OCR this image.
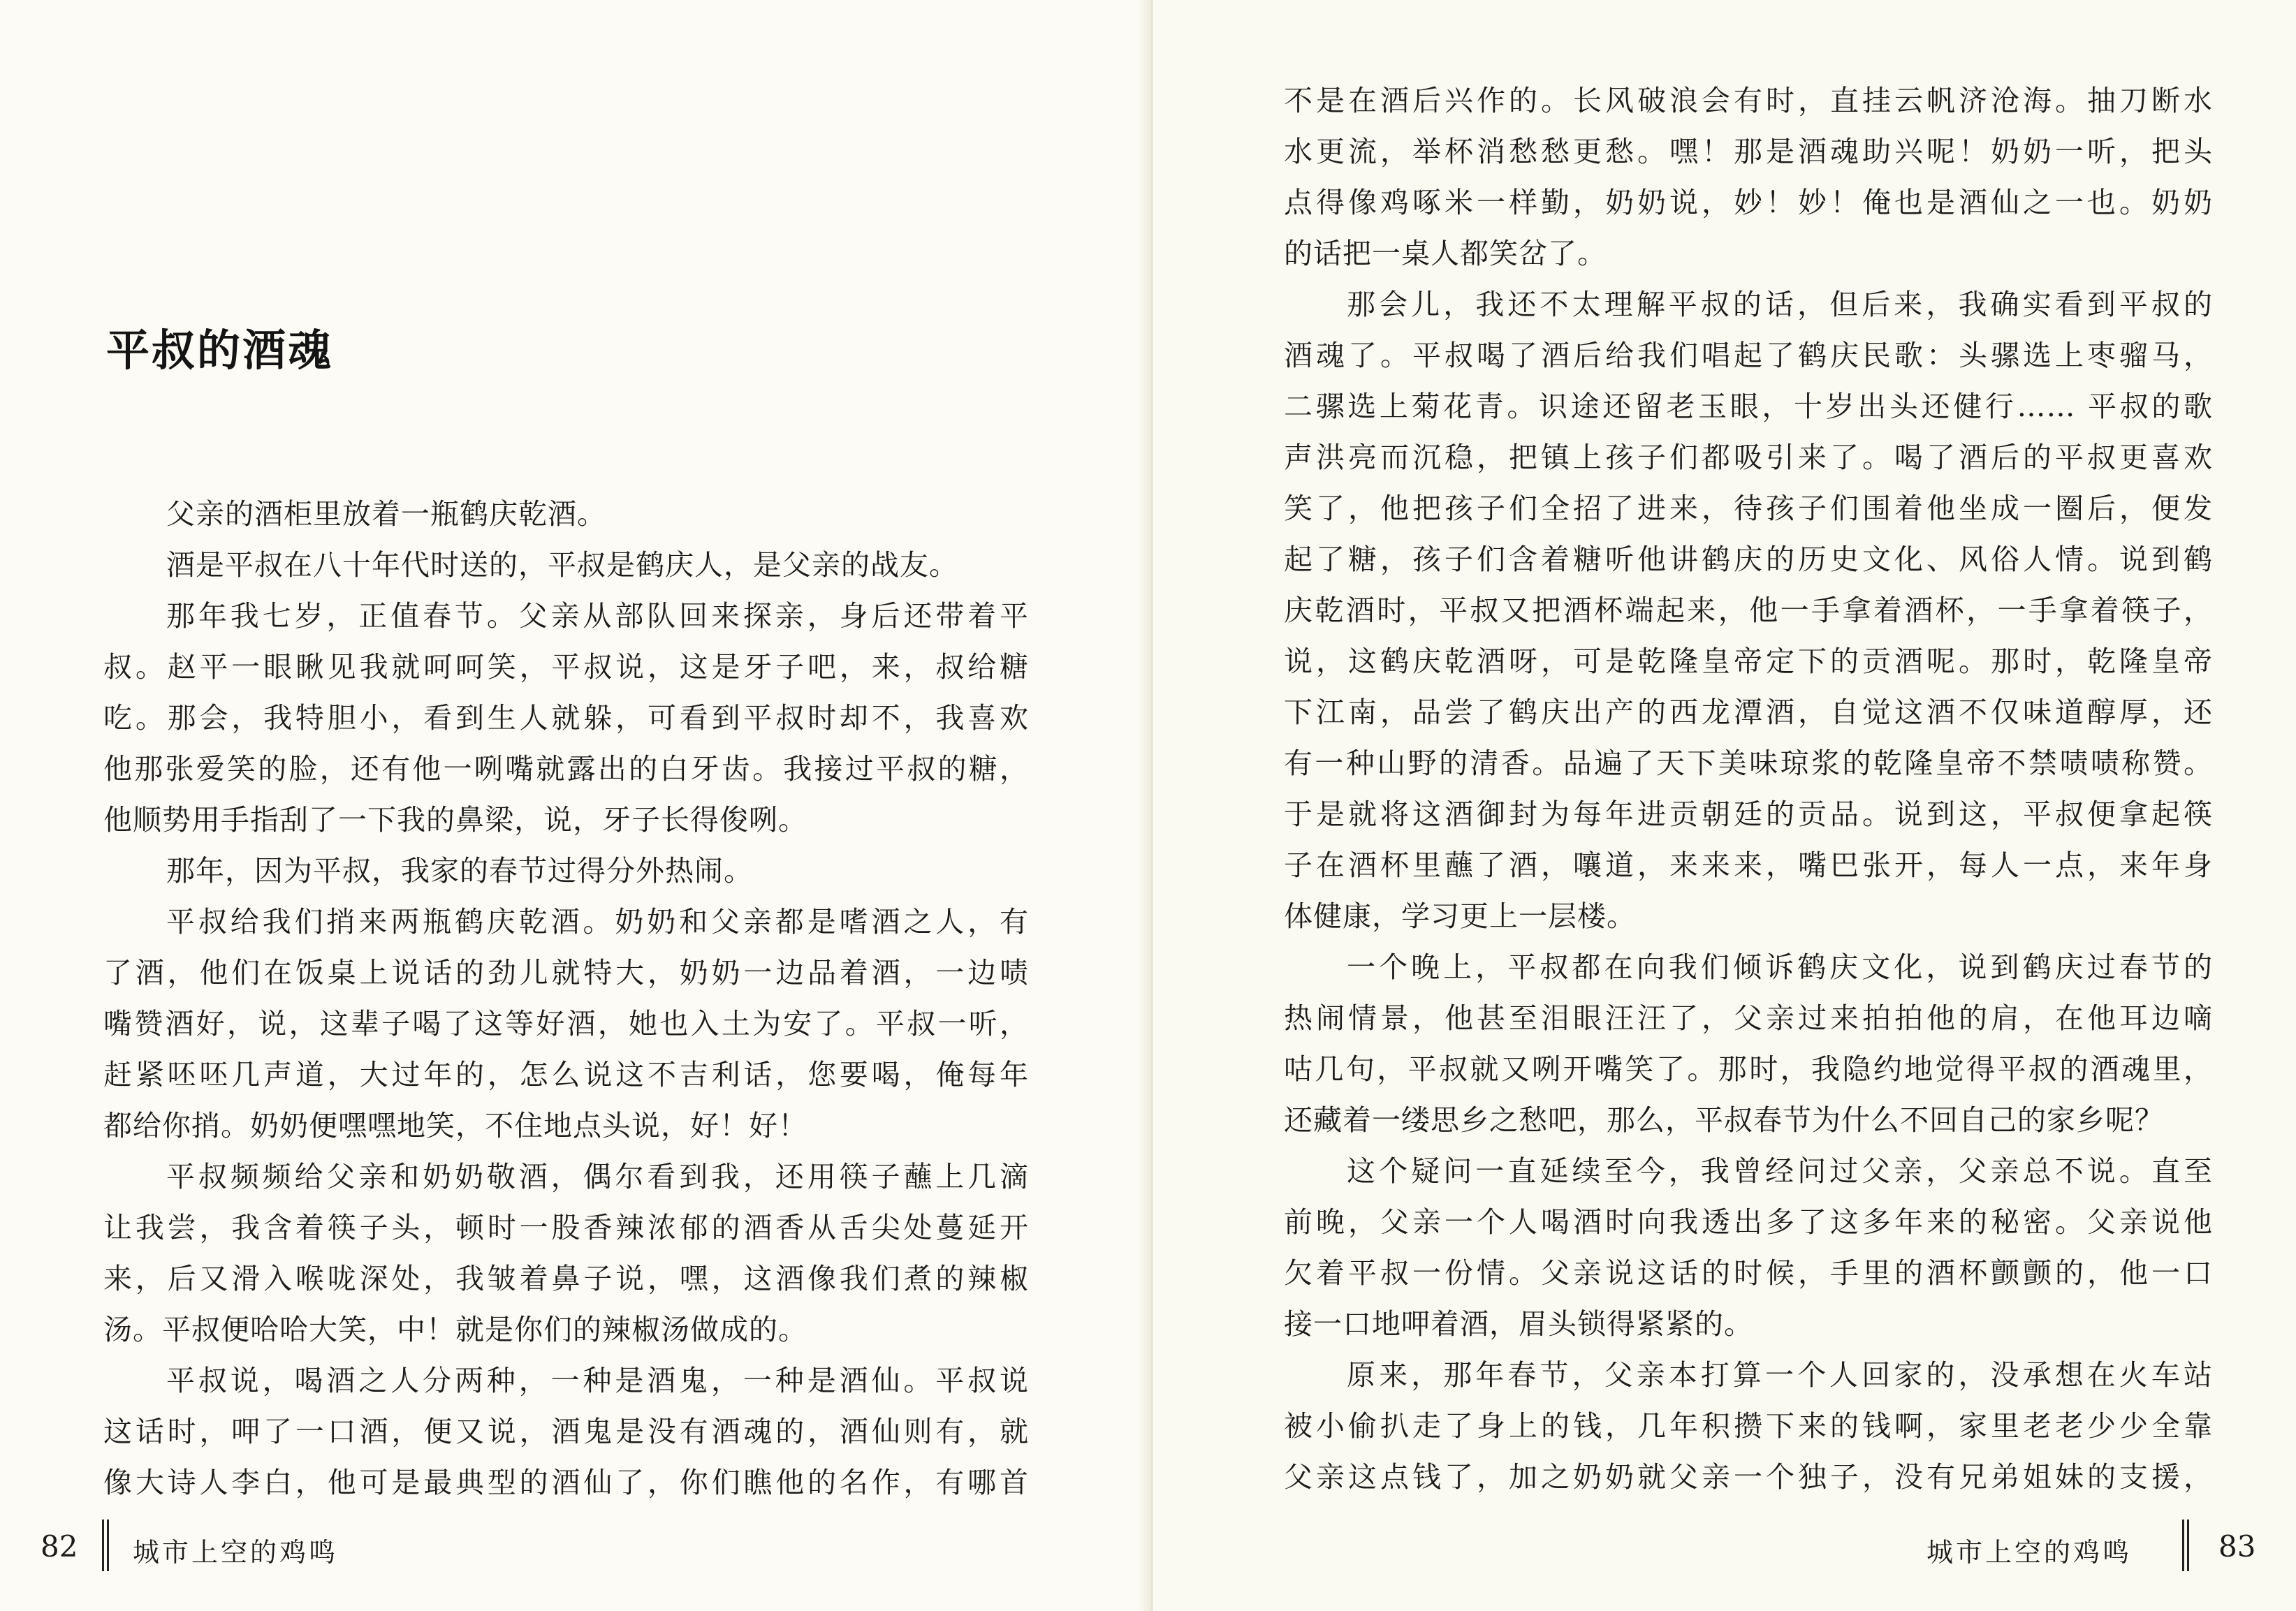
平叔的酒魂
父亲的酒柜里放着一瓶鹤庆乾酒。
酒是平叔在八十年代时送的，平叔是鹤庆人，是父亲的战友。
那年我七岁，正值春节。父亲从部队回来探亲，身后还带着平
叔。赵平一眼瞅见我就呵呵笑，平叔说，这是牙子吧，来，叔给糖
吃。那会，我特胆小，看到生人就躲，可看到平叔时却不，我喜欢
他那张爱笑的脸，还有他一咧嘴就露出的白牙齿。我接过平叔的糖，
他顺势用手指刮了一下我的鼻梁，说，牙子长得俊咧。
那年，因为平叔，我家的春节过得分外热闹。
平叔给我们捎来两瓶鹤庆乾酒。奶奶和父亲都是嗜酒之人，有
了酒，他们在饭桌上说话的劲儿就特大，奶奶一边品着酒，一边啧
嘴赞酒好，说，这辈子喝了这等好酒，她也入土为安了。平叔一听，
赶紧呸呸几声道，大过年的，怎么说这不吉利话，您要喝，俺每年
都给你捎。奶奶便嘿嘿地笑，不住地点头说，好！好！
平叔频频给父亲和奶奶敬酒，偶尔看到我，还用筷子蘸上几滴
让我尝，我含着筷子头，顿时一股香辣浓郁的酒香从舌尖处蔓延开
来，后又滑入喉咙深处，我皱着鼻子说，嘿，这酒像我们煮的辣椒
汤。平叔便哈哈大笑，中！就是你们的辣椒汤做成的。
平叔说，喝酒之人分两种，一种是酒鬼，一种是酒仙。平叔说
这话时，呷了一口酒，便又说，酒鬼是没有酒魂的，酒仙则有，就
像大诗人李白，他可是最典型的酒仙了，你们瞧他的名作，有哪首
82 城市上空的鸡鸣
不是在酒后兴作的。长风破浪会有时，直挂云帆济沧海。抽刀断水
水更流，举杯消愁愁更愁。嘿！那是酒魂助兴呢！奶奶一听，把头
点得像鸡啄米一样勤，奶奶说，妙！妙！俺也是酒仙之一也。奶奶
的话把一桌人都笑岔了。
那会儿，我还不太理解平叔的话，但后来，我确实看到平叔的
酒魂了。平叔喝了酒后给我们唱起了鹤庆民歌：头骡选上枣骝马，
二骡选上菊花青。识途还留老玉眼，十岁出头还健行…… 平叔的歌
声洪亮而沉稳，把镇上孩子们都吸引来了。喝了酒后的平叔更喜欢
笑了，他把孩子们全招了进来，待孩子们围着他坐成一圈后，便发
起了糖，孩子们含着糖听他讲鹤庆的历史文化、风俗人情。说到鹤
庆乾酒时，平叔又把酒杯端起来，他一手拿着酒杯，一手拿着筷子，
说，这鹤庆乾酒呀，可是乾隆皇帝定下的贡酒呢。那时，乾隆皇帝
下江南，品尝了鹤庆出产的西龙潭酒，自觉这酒不仅味道醇厚，还
有一种山野的清香。品遍了天下美味琼浆的乾隆皇帝不禁啧啧称赞。
于是就将这酒御封为每年进贡朝廷的贡品。说到这，平叔便拿起筷
子在酒杯里蘸了酒，嚷道，来来来，嘴巴张开，每人一点，来年身
体健康，学习更上一层楼。
一个晚上，平叔都在向我们倾诉鹤庆文化，说到鹤庆过春节的
热闹情景，他甚至泪眼汪汪了，父亲过来拍拍他的肩，在他耳边嘀
咕几句，平叔就又咧开嘴笑了。那时，我隐约地觉得平叔的酒魂里，
还藏着一缕思乡之愁吧，那么，平叔春节为什么不回自己的家乡呢？
这个疑问一直延续至今，我曾经问过父亲，父亲总不说。直至
前晚，父亲一个人喝酒时向我透出多了这多年来的秘密。父亲说他
欠着平叔一份情。父亲说这话的时候，手里的酒杯颤颤的，他一口
接一口地呷着酒，眉头锁得紧紧的。
原来，那年春节，父亲本打算一个人回家的，没承想在火车站
被小偷扒走了身上的钱，几年积攒下来的钱啊，家里老老少少全靠
父亲这点钱了，加之奶奶就父亲一个独子，没有兄弟姐妹的支援，
城市上空的鸡鸣	83
